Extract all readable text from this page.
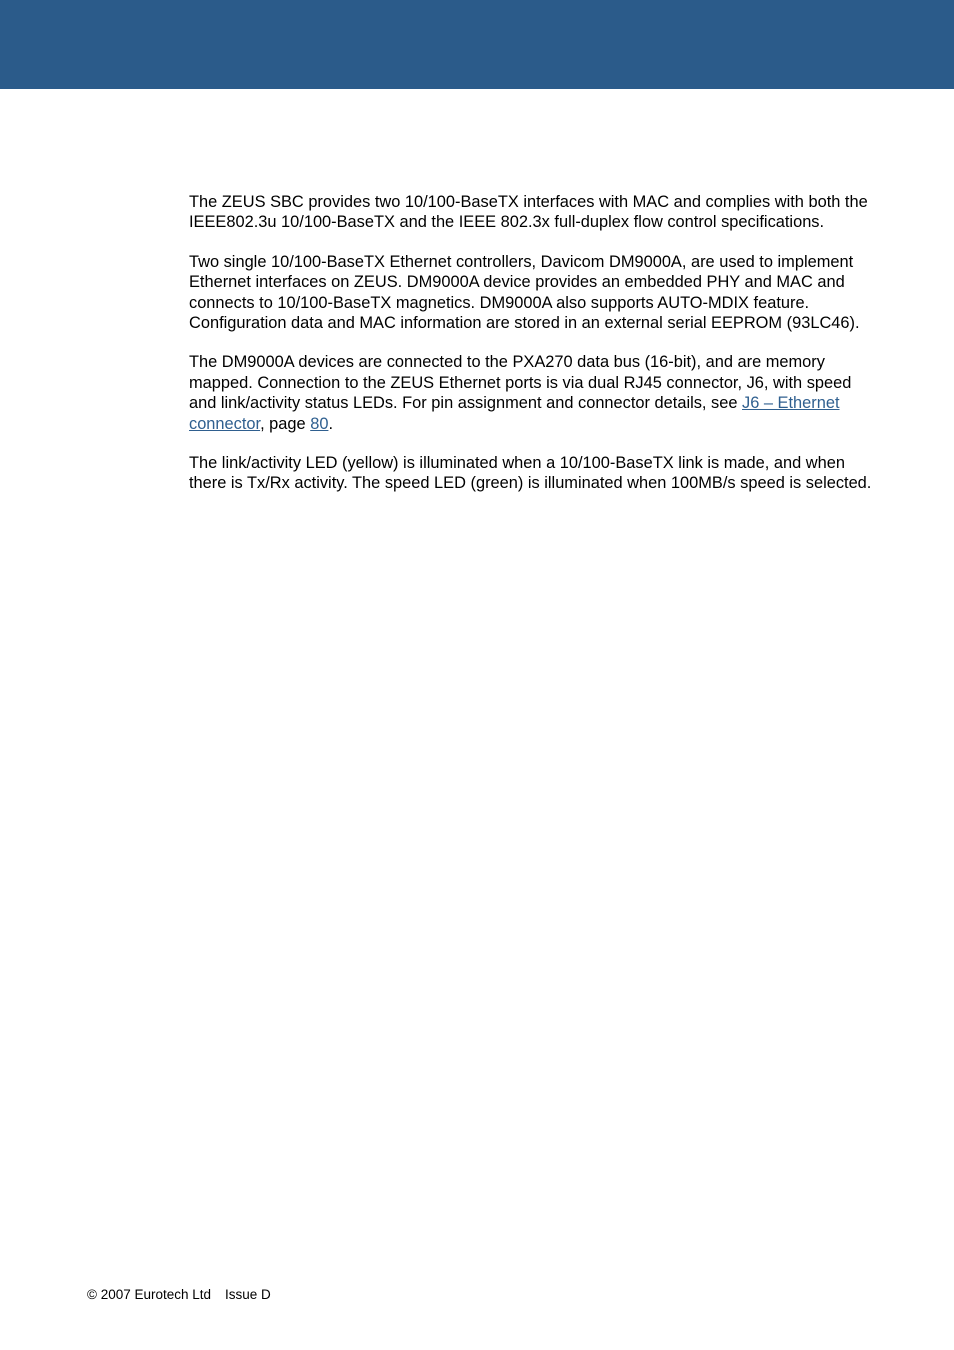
The ZEUS SBC provides two 10/100-BaseTX interfaces with MAC and complies with both the IEEE802.3u 10/100-BaseTX and the IEEE 802.3x full-duplex flow control specifications.

Two single 10/100-BaseTX Ethernet controllers, Davicom DM9000A, are used to implement Ethernet interfaces on ZEUS. DM9000A device provides an embedded PHY and MAC and connects to 10/100-BaseTX magnetics. DM9000A also supports AUTO-MDIX feature. Configuration data and MAC information are stored in an external serial EEPROM (93LC46).

The DM9000A devices are connected to the PXA270 data bus (16-bit), and are memory mapped. Connection to the ZEUS Ethernet ports is via dual RJ45 connector, J6, with speed and link/activity status LEDs. For pin assignment and connector details, see J6 – Ethernet connector, page 80.

The link/activity LED (yellow) is illuminated when a 10/100-BaseTX link is made, and when there is Tx/Rx activity. The speed LED (green) is illuminated when 100MB/s speed is selected.

© 2007 Eurotech Ltd Issue D
